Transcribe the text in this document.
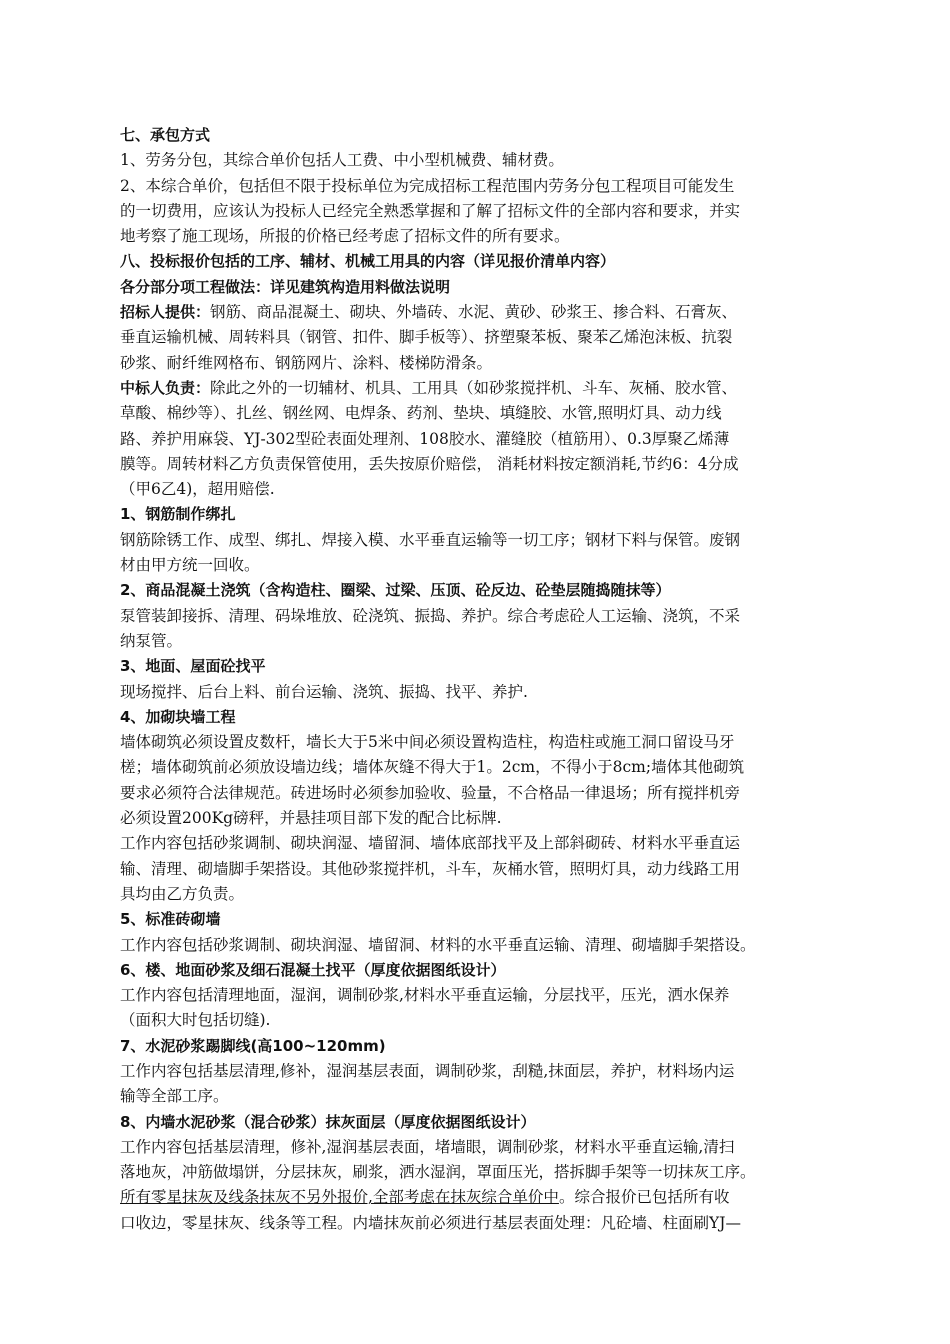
七、承包方式
1、劳务分包，其综合单价包括人工费、中小型机械费、辅材费。
2、本综合单价，包括但不限于投标单位为完成招标工程范围内劳务分包工程项目可能发生
的一切费用，应该认为投标人已经完全熟悉掌握和了解了招标文件的全部内容和要求，并实
地考察了施工现场，所报的价格已经考虑了招标文件的所有要求。
八、投标报价包括的工序、辅材、机械工用具的内容（详见报价清单内容）
各分部分项工程做法：详见建筑构造用料做法说明
招标人提供：钢筋、商品混凝土、砌块、外墙砖、水泥、黄砂、砂浆王、掺合料、石膏灰、
垂直运输机械、周转料具（钢管、扣件、脚手板等）、挤塑聚苯板、聚苯乙烯泡沫板、抗裂
砂浆、耐纤维网格布、钢筋网片、涂料、楼梯防滑条。
中标人负责：除此之外的一切辅材、机具、工用具（如砂浆搅拌机、斗车、灰桶、胶水管、
草酸、棉纱等）、扎丝、钢丝网、电焊条、药剂、垫块、填缝胶、水管,照明灯具、动力线
路、养护用麻袋、YJ-302型砼表面处理剂、108胶水、灌缝胶（植筋用）、0.3厚聚乙烯薄
膜等。周转材料乙方负责保管使用，丢失按原价赔偿， 消耗材料按定额消耗,节约6：4分成
（甲6乙4)，超用赔偿.
1、钢筋制作绑扎
钢筋除锈工作、成型、绑扎、焊接入模、水平垂直运输等一切工序；钢材下料与保管。废钢
材由甲方统一回收。
2、商品混凝土浇筑（含构造柱、圈梁、过梁、压顶、砼反边、砼垫层随捣随抹等）
泵管装卸接拆、清理、码垛堆放、砼浇筑、振捣、养护。综合考虑砼人工运输、浇筑，不采
纳泵管。
3、地面、屋面砼找平
现场搅拌、后台上料、前台运输、浇筑、振捣、找平、养护.
4、加砌块墙工程
墙体砌筑必须设置皮数杆，墙长大于5米中间必须设置构造柱，构造柱或施工洞口留设马牙
槎；墙体砌筑前必须放设墙边线；墙体灰缝不得大于1。2cm，不得小于8cm;墙体其他砌筑
要求必须符合法律规范。砖进场时必须参加验收、验量，不合格品一律退场；所有搅拌机旁
必须设置200Kg磅秤，并悬挂项目部下发的配合比标牌.
工作内容包括砂浆调制、砌块润湿、墙留洞、墙体底部找平及上部斜砌砖、材料水平垂直运
输、清理、砌墙脚手架搭设。其他砂浆搅拌机，斗车，灰桶水管，照明灯具，动力线路工用
具均由乙方负责。
5、标准砖砌墙
工作内容包括砂浆调制、砌块润湿、墙留洞、材料的水平垂直运输、清理、砌墙脚手架搭设。
6、楼、地面砂浆及细石混凝土找平（厚度依据图纸设计）
工作内容包括清理地面，湿润，调制砂浆,材料水平垂直运输，分层找平，压光，洒水保养
（面积大时包括切缝).
7、水泥砂浆踢脚线(高100~120mm)
工作内容包括基层清理,修补，湿润基层表面，调制砂浆，刮糙,抹面层，养护，材料场内运
输等全部工序。
8、内墙水泥砂浆（混合砂浆）抹灰面层（厚度依据图纸设计）
工作内容包括基层清理，修补,湿润基层表面，堵墙眼，调制砂浆，材料水平垂直运输,清扫
落地灰，冲筋做塌饼，分层抹灰，刷浆，洒水湿润，罩面压光，搭拆脚手架等一切抹灰工序。
所有零星抹灰及线条抹灰不另外报价,全部考虑在抹灰综合单价中。综合报价已包括所有收
口收边，零星抹灰、线条等工程。内墙抹灰前必须进行基层表面处理：凡砼墙、柱面刷YJ—
